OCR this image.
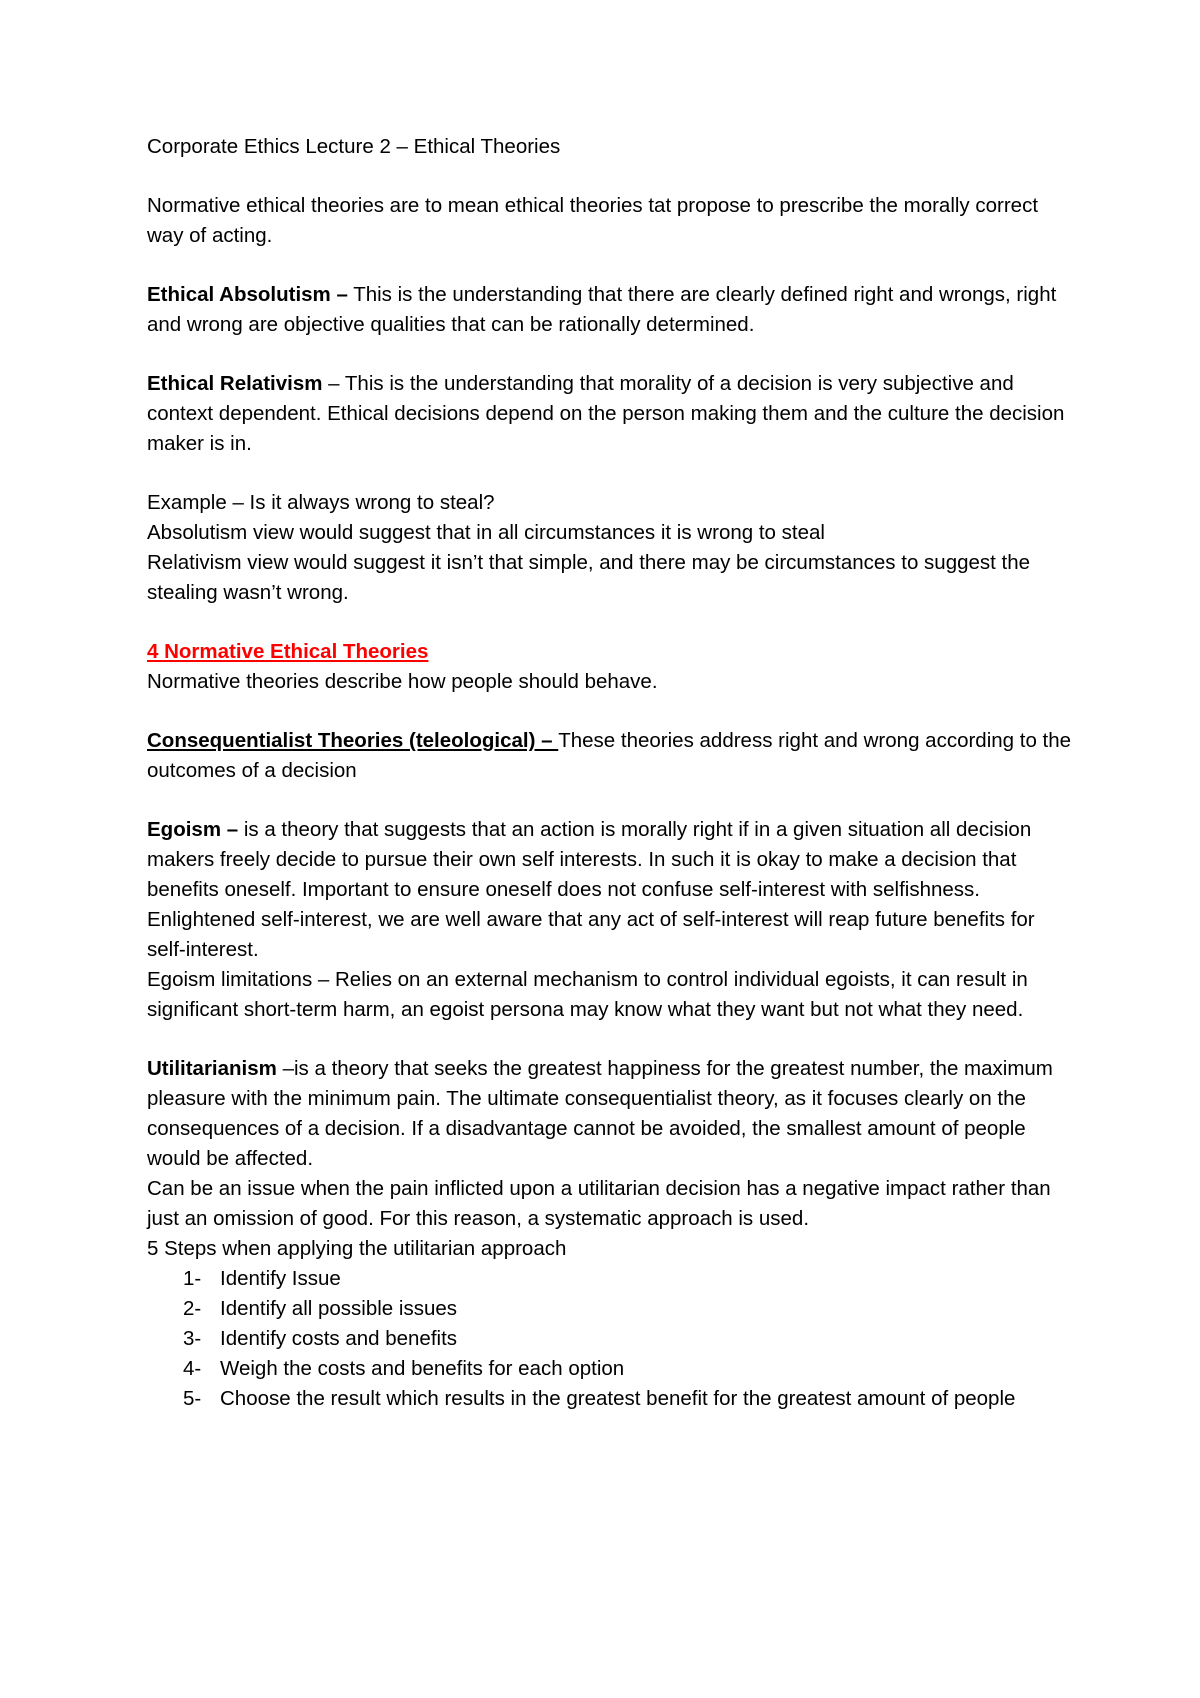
Corporate Ethics Lecture 2 – Ethical Theories

Normative ethical theories are to mean ethical theories tat propose to prescribe the morally correct way of acting.

Ethical Absolutism – This is the understanding that there are clearly defined right and wrongs, right and wrong are objective qualities that can be rationally determined.

Ethical Relativism – This is the understanding that morality of a decision is very subjective and context dependent. Ethical decisions depend on the person making them and the culture the decision maker is in.

Example – Is it always wrong to steal?
Absolutism view would suggest that in all circumstances it is wrong to steal
Relativism view would suggest it isn’t that simple, and there may be circumstances to suggest the stealing wasn’t wrong.

4 Normative Ethical Theories
Normative theories describe how people should behave.

Consequentialist Theories (teleological) – These theories address right and wrong according to the outcomes of a decision

Egoism – is a theory that suggests that an action is morally right if in a given situation all decision makers freely decide to pursue their own self interests. In such it is okay to make a decision that benefits oneself. Important to ensure oneself does not confuse self-interest with selfishness. Enlightened self-interest, we are well aware that any act of self-interest will reap future benefits for self-interest.
Egoism limitations – Relies on an external mechanism to control individual egoists, it can result in significant short-term harm, an egoist persona may know what they want but not what they need.

Utilitarianism –is a theory that seeks the greatest happiness for the greatest number, the maximum pleasure with the minimum pain. The ultimate consequentialist theory, as it focuses clearly on the consequences of a decision. If a disadvantage cannot be avoided, the smallest amount of people would be affected.
Can be an issue when the pain inflicted upon a utilitarian decision has a negative impact rather than just an omission of good. For this reason, a systematic approach is used.
5 Steps when applying the utilitarian approach

1- Identify Issue
2- Identify all possible issues
3- Identify costs and benefits
4- Weigh the costs and benefits for each option
5- Choose the result which results in the greatest benefit for the greatest amount of people
